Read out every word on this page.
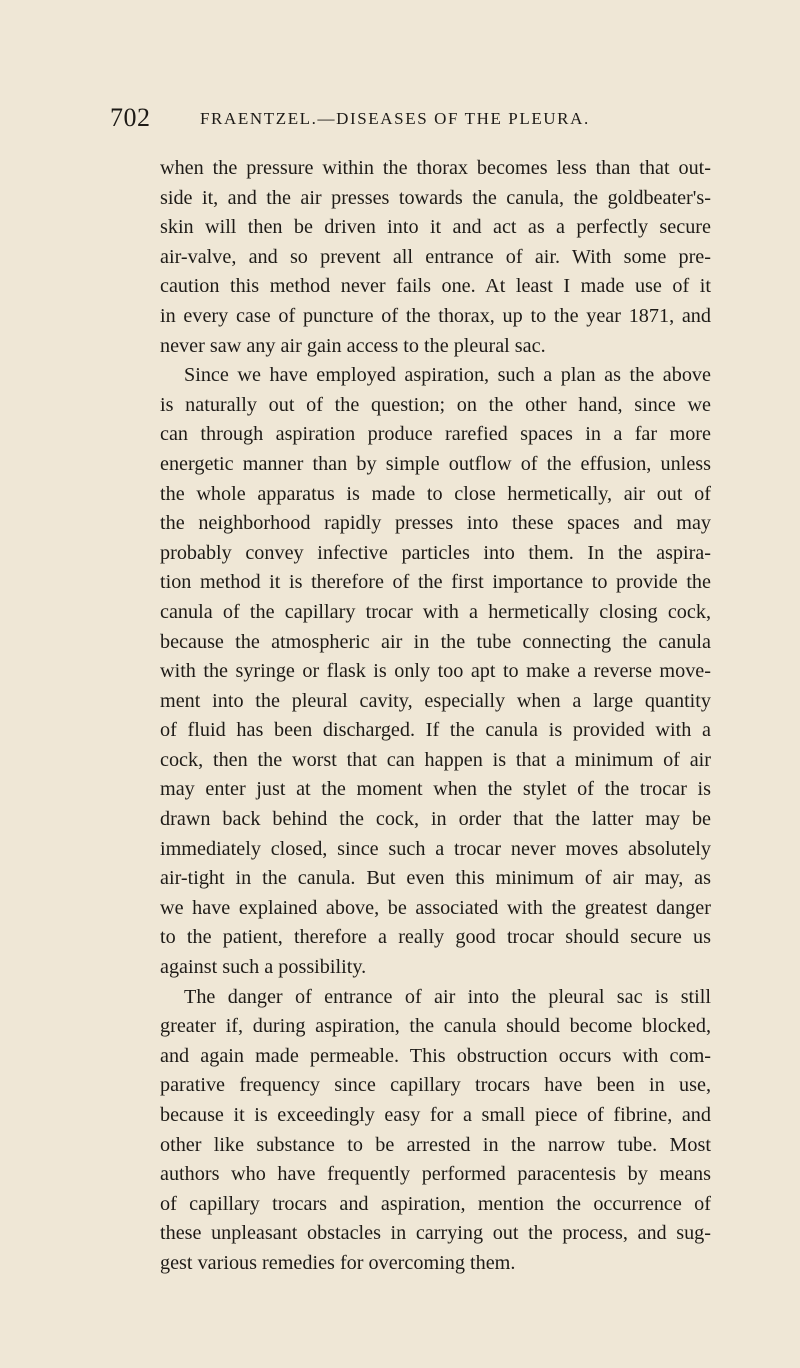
702	FRAENTZEL.—DISEASES OF THE PLEURA.
when the pressure within the thorax becomes less than that out-
side it, and the air presses towards the canula, the goldbeater's-
skin will then be driven into it and act as a perfectly secure
air-valve, and so prevent all entrance of air. With some pre-
caution this method never fails one. At least I made use of it
in every case of puncture of the thorax, up to the year 1871, and
never saw any air gain access to the pleural sac.
Since we have employed aspiration, such a plan as the above
is naturally out of the question; on the other hand, since we
can through aspiration produce rarefied spaces in a far more
energetic manner than by simple outflow of the effusion, unless
the whole apparatus is made to close hermetically, air out of
the neighborhood rapidly presses into these spaces and may
probably convey infective particles into them. In the aspira-
tion method it is therefore of the first importance to provide the
canula of the capillary trocar with a hermetically closing cock,
because the atmospheric air in the tube connecting the canula
with the syringe or flask is only too apt to make a reverse move-
ment into the pleural cavity, especially when a large quantity
of fluid has been discharged. If the canula is provided with a
cock, then the worst that can happen is that a minimum of air
may enter just at the moment when the stylet of the trocar is
drawn back behind the cock, in order that the latter may be
immediately closed, since such a trocar never moves absolutely
air-tight in the canula. But even this minimum of air may, as
we have explained above, be associated with the greatest danger
to the patient, therefore a really good trocar should secure us
against such a possibility.
The danger of entrance of air into the pleural sac is still
greater if, during aspiration, the canula should become blocked,
and again made permeable. This obstruction occurs with com-
parative frequency since capillary trocars have been in use,
because it is exceedingly easy for a small piece of fibrine, and
other like substance to be arrested in the narrow tube. Most
authors who have frequently performed paracentesis by means
of capillary trocars and aspiration, mention the occurrence of
these unpleasant obstacles in carrying out the process, and sug-
gest various remedies for overcoming them.
